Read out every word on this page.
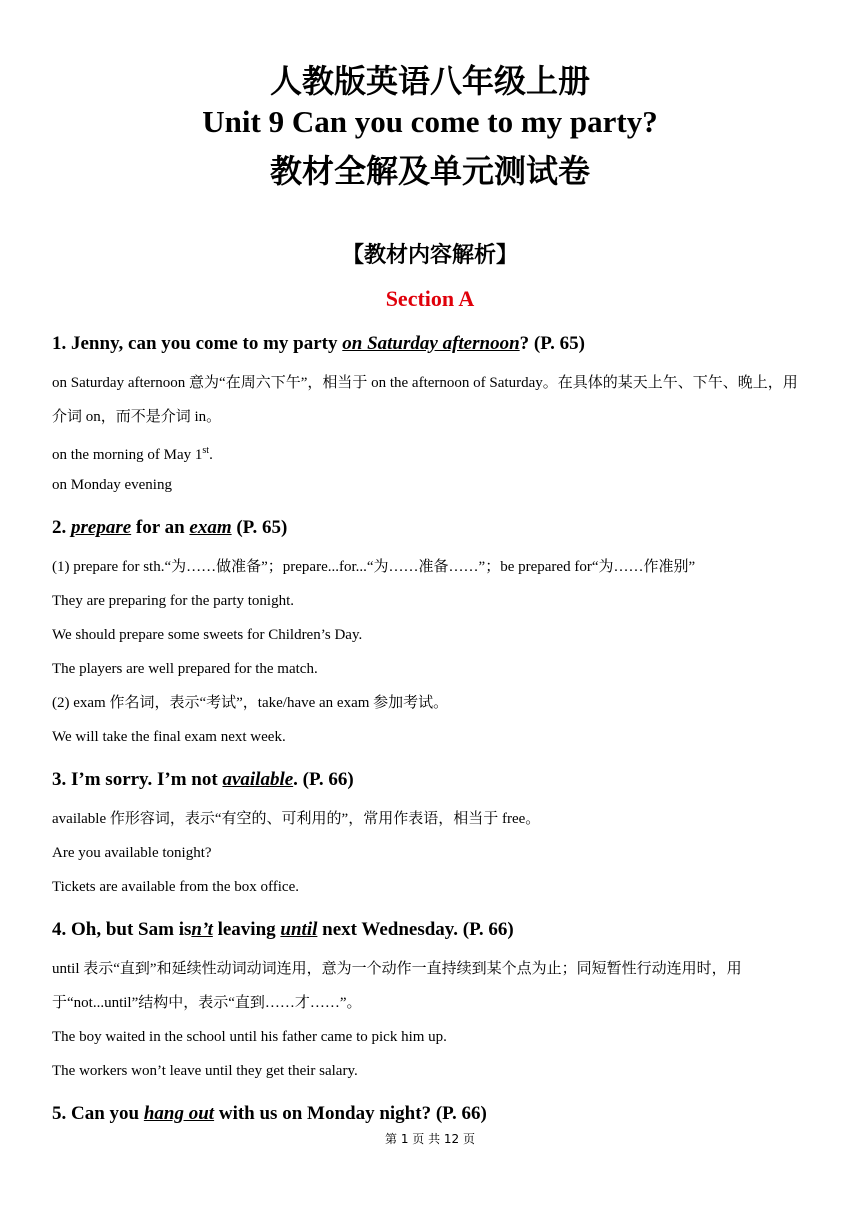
人教版英语八年级上册
Unit 9 Can you come to my party?
教材全解及单元测试卷
【教材内容解析】
Section A
1. Jenny, can you come to my party on Saturday afternoon? (P. 65)
on Saturday afternoon 意为“在周六下午”，相当于 on the afternoon of Saturday。在具体的某天上午、下午、晚上，用介词 on，而不是介词 in。
on the morning of May 1st.
on Monday evening
2. prepare for an exam (P. 65)
(1) prepare for sth.“为……做准备”；prepare...for...“为……准备……”；be prepared for“为……作准别”
They are preparing for the party tonight.
We should prepare some sweets for Children’s Day.
The players are well prepared for the match.
(2) exam 作名词，表示“考试”，take/have an exam 参加考试。
We will take the final exam next week.
3. I’m sorry. I’m not available. (P. 66)
available 作形容词，表示“有空的、可利用的”，常用作表语，相当于 free。
Are you available tonight?
Tickets are available from the box office.
4. Oh, but Sam isn’t leaving until next Wednesday. (P. 66)
until 表示“直到”和延续性动词动词连用，意为一个动作一直持续到某个点为止；同短暂性行动连用时，用于“not...until”结构中，表示“直到……才……”。
The boy waited in the school until his father came to pick him up.
The workers won’t leave until they get their salary.
5. Can you hang out with us on Monday night? (P. 66)
第 1 页 共 12 页
